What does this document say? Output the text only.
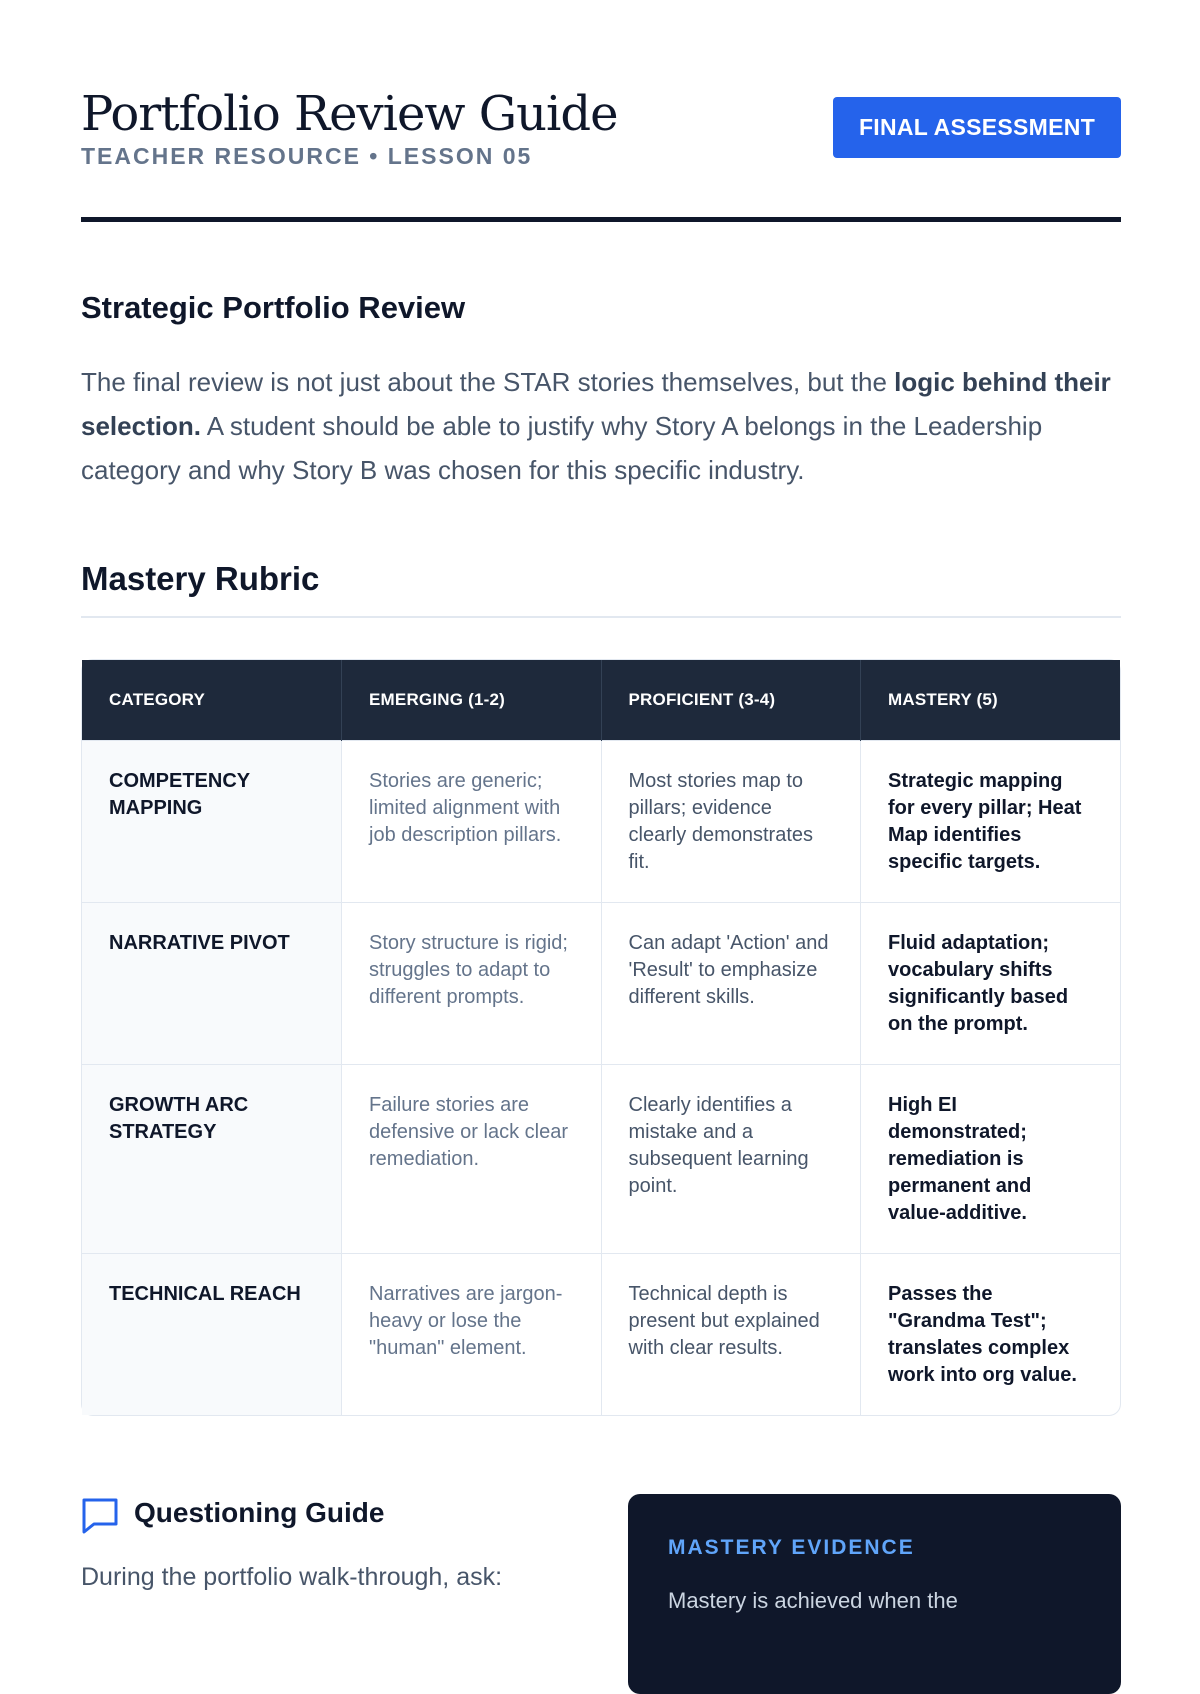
Portfolio Review Guide
TEACHER RESOURCE • LESSON 05
FINAL ASSESSMENT
Strategic Portfolio Review

The final review is not just about the STAR stories themselves, but the logic behind their selection. A student should be able to justify why Story A belongs in the Leadership category and why Story B was chosen for this specific industry.

Mastery Rubric
CATEGORY	EMERGING (1-2)	PROFICIENT (3-4)	MASTERY (5)
COMPETENCY MAPPING	Stories are generic; limited alignment with job description pillars.	Most stories map to pillars; evidence clearly demonstrates fit.	Strategic mapping for every pillar; Heat Map identifies specific targets.
NARRATIVE PIVOT	Story structure is rigid; struggles to adapt to different prompts.	Can adapt 'Action' and 'Result' to emphasize different skills.	Fluid adaptation; vocabulary shifts significantly based on the prompt.
GROWTH ARC STRATEGY	Failure stories are defensive or lack clear remediation.	Clearly identifies a mistake and a subsequent learning point.	High EI demonstrated; remediation is permanent and value-additive.
TECHNICAL REACH	Narratives are jargon-heavy or lose the "human" element.	Technical depth is present but explained with clear results.	Passes the "Grandma Test"; translates complex work into org value.
Questioning Guide

During the portfolio walk-through, ask:

MASTERY EVIDENCE
Mastery is achieved when the
